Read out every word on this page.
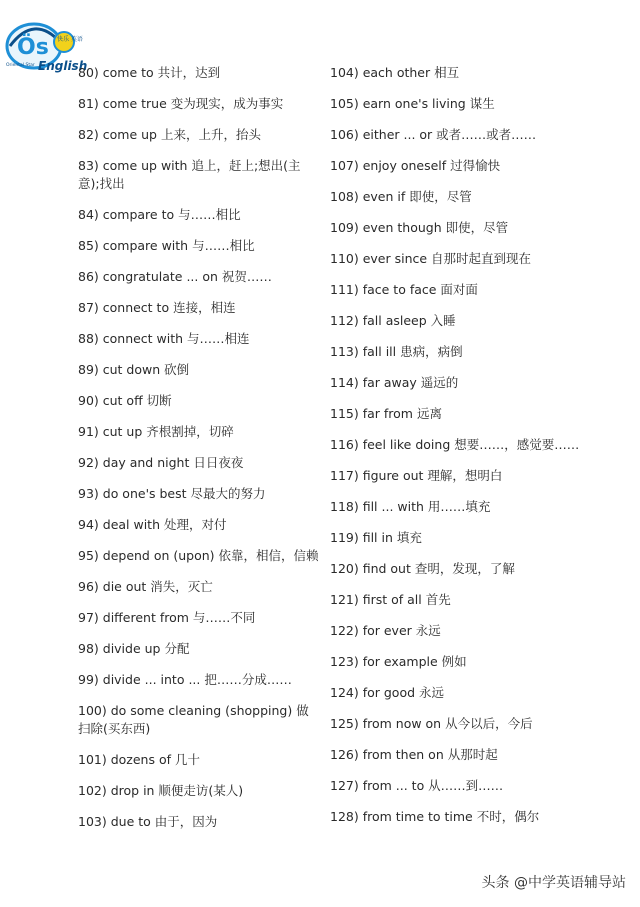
Ös 快乐 英语
Oriental Star English
80) come to 共计，达到
81) come true 变为现实，成为事实
82) come up 上来，上升，抬头
83) come up with 追上，赶上;想出(主意);找出
84) compare to 与……相比
85) compare with 与……相比
86) congratulate ... on 祝贺……
87) connect to 连接，相连
88) connect with 与……相连
89) cut down 砍倒
90) cut off 切断
91) cut up 齐根割掉，切碎
92) day and night 日日夜夜
93) do one's best 尽最大的努力
94) deal with 处理，对付
95) depend on (upon) 依靠，相信，信赖
96) die out 消失，灭亡
97) different from 与……不同
98) divide up 分配
99) divide ... into ... 把……分成……
100) do some cleaning (shopping) 做扫除(买东西)
101) dozens of 几十
102) drop in 顺便走访(某人)
103) due to 由于，因为
104) each other 相互
105) earn one's living 谋生
106) either ... or 或者……或者……
107) enjoy oneself 过得愉快
108) even if 即使，尽管
109) even though 即使，尽管
110) ever since 自那时起直到现在
111) face to face 面对面
112) fall asleep 入睡
113) fall ill 患病，病倒
114) far away 遥远的
115) far from 远离
116) feel like doing 想要……，感觉要……
117) figure out 理解，想明白
118) fill ... with 用……填充
119) fill in 填充
120) find out 查明，发现，了解
121) first of all 首先
122) for ever 永远
123) for example 例如
124) for good 永远
125) from now on 从今以后，今后
126) from then on 从那时起
127) from ... to 从……到……
128) from time to time 不时，偶尔
头条 @中学英语辅导站
